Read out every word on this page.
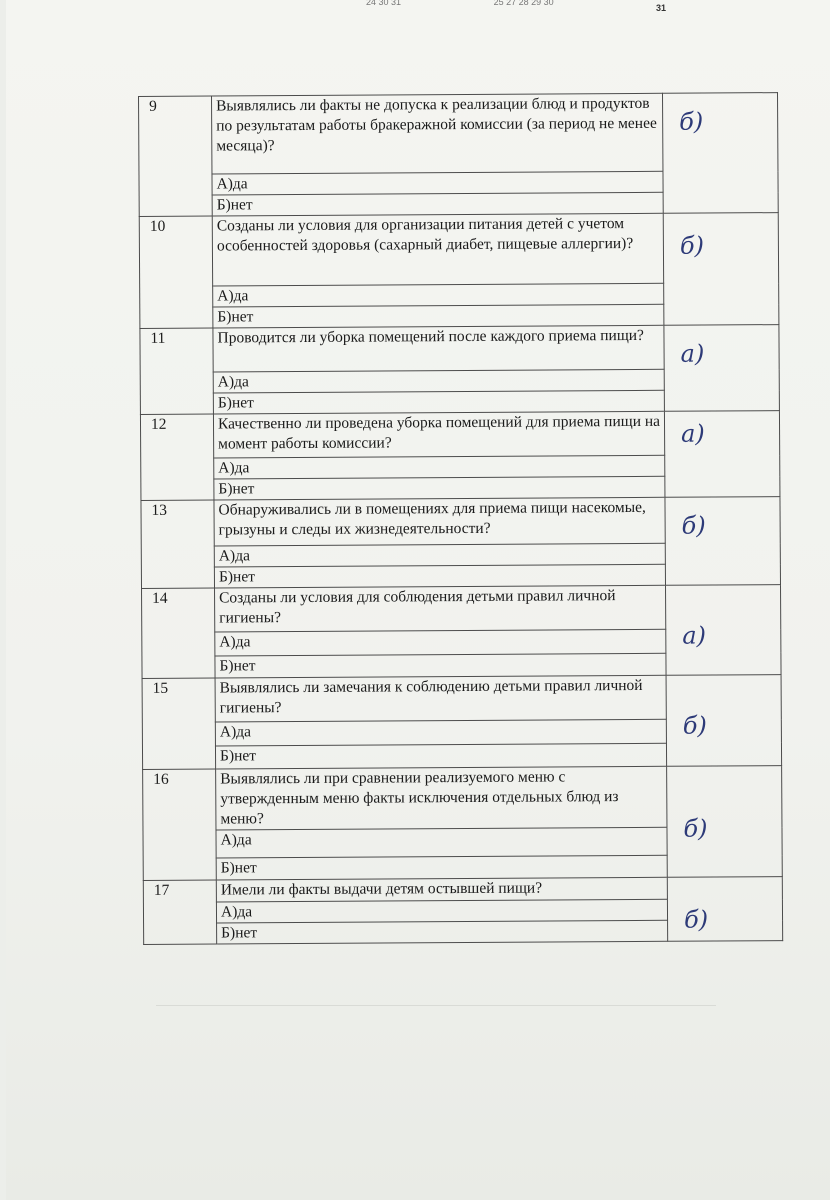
24 30 31	25 27 28 29 30
31
9	Выявлялись ли факты не допуска к реализации блюд и продуктов по результатам работы бракеражной комиссии (за период не менее месяца)?	б)

	А)да	
	Б)нет	
10	Созданы ли условия для организации питания детей с учетом особенностей здоровья (сахарный диабет, пищевые аллергии)?	б)

	А)да	
	Б)нет	
11	Проводится ли уборка помещений после каждого приема пищи?	а)

	А)да	
	Б)нет	
12	Качественно ли проведена уборка помещений для приема пищи на момент работы комиссии?	а)

	А)да	
	Б)нет	
13	Обнаруживались ли в помещениях для приема пищи насекомые, грызуны и следы их жизнедеятельности?	б)

	А)да	
	Б)нет	
14	Созданы ли условия для соблюдения детьми правил личной гигиены?	а)

	А)да	
	Б)нет	
15	Выявлялись ли замечания к соблюдению детьми правил личной гигиены?	б)

	А)да	
	Б)нет	
16	Выявлялись ли при сравнении реализуемого меню с утвержденным меню факты исключения отдельных блюд из меню?	б)

	А)да	
	Б)нет	
17	Имели ли факты выдачи детям остывшей пищи?	б)

	А)да	
	Б)нет	
